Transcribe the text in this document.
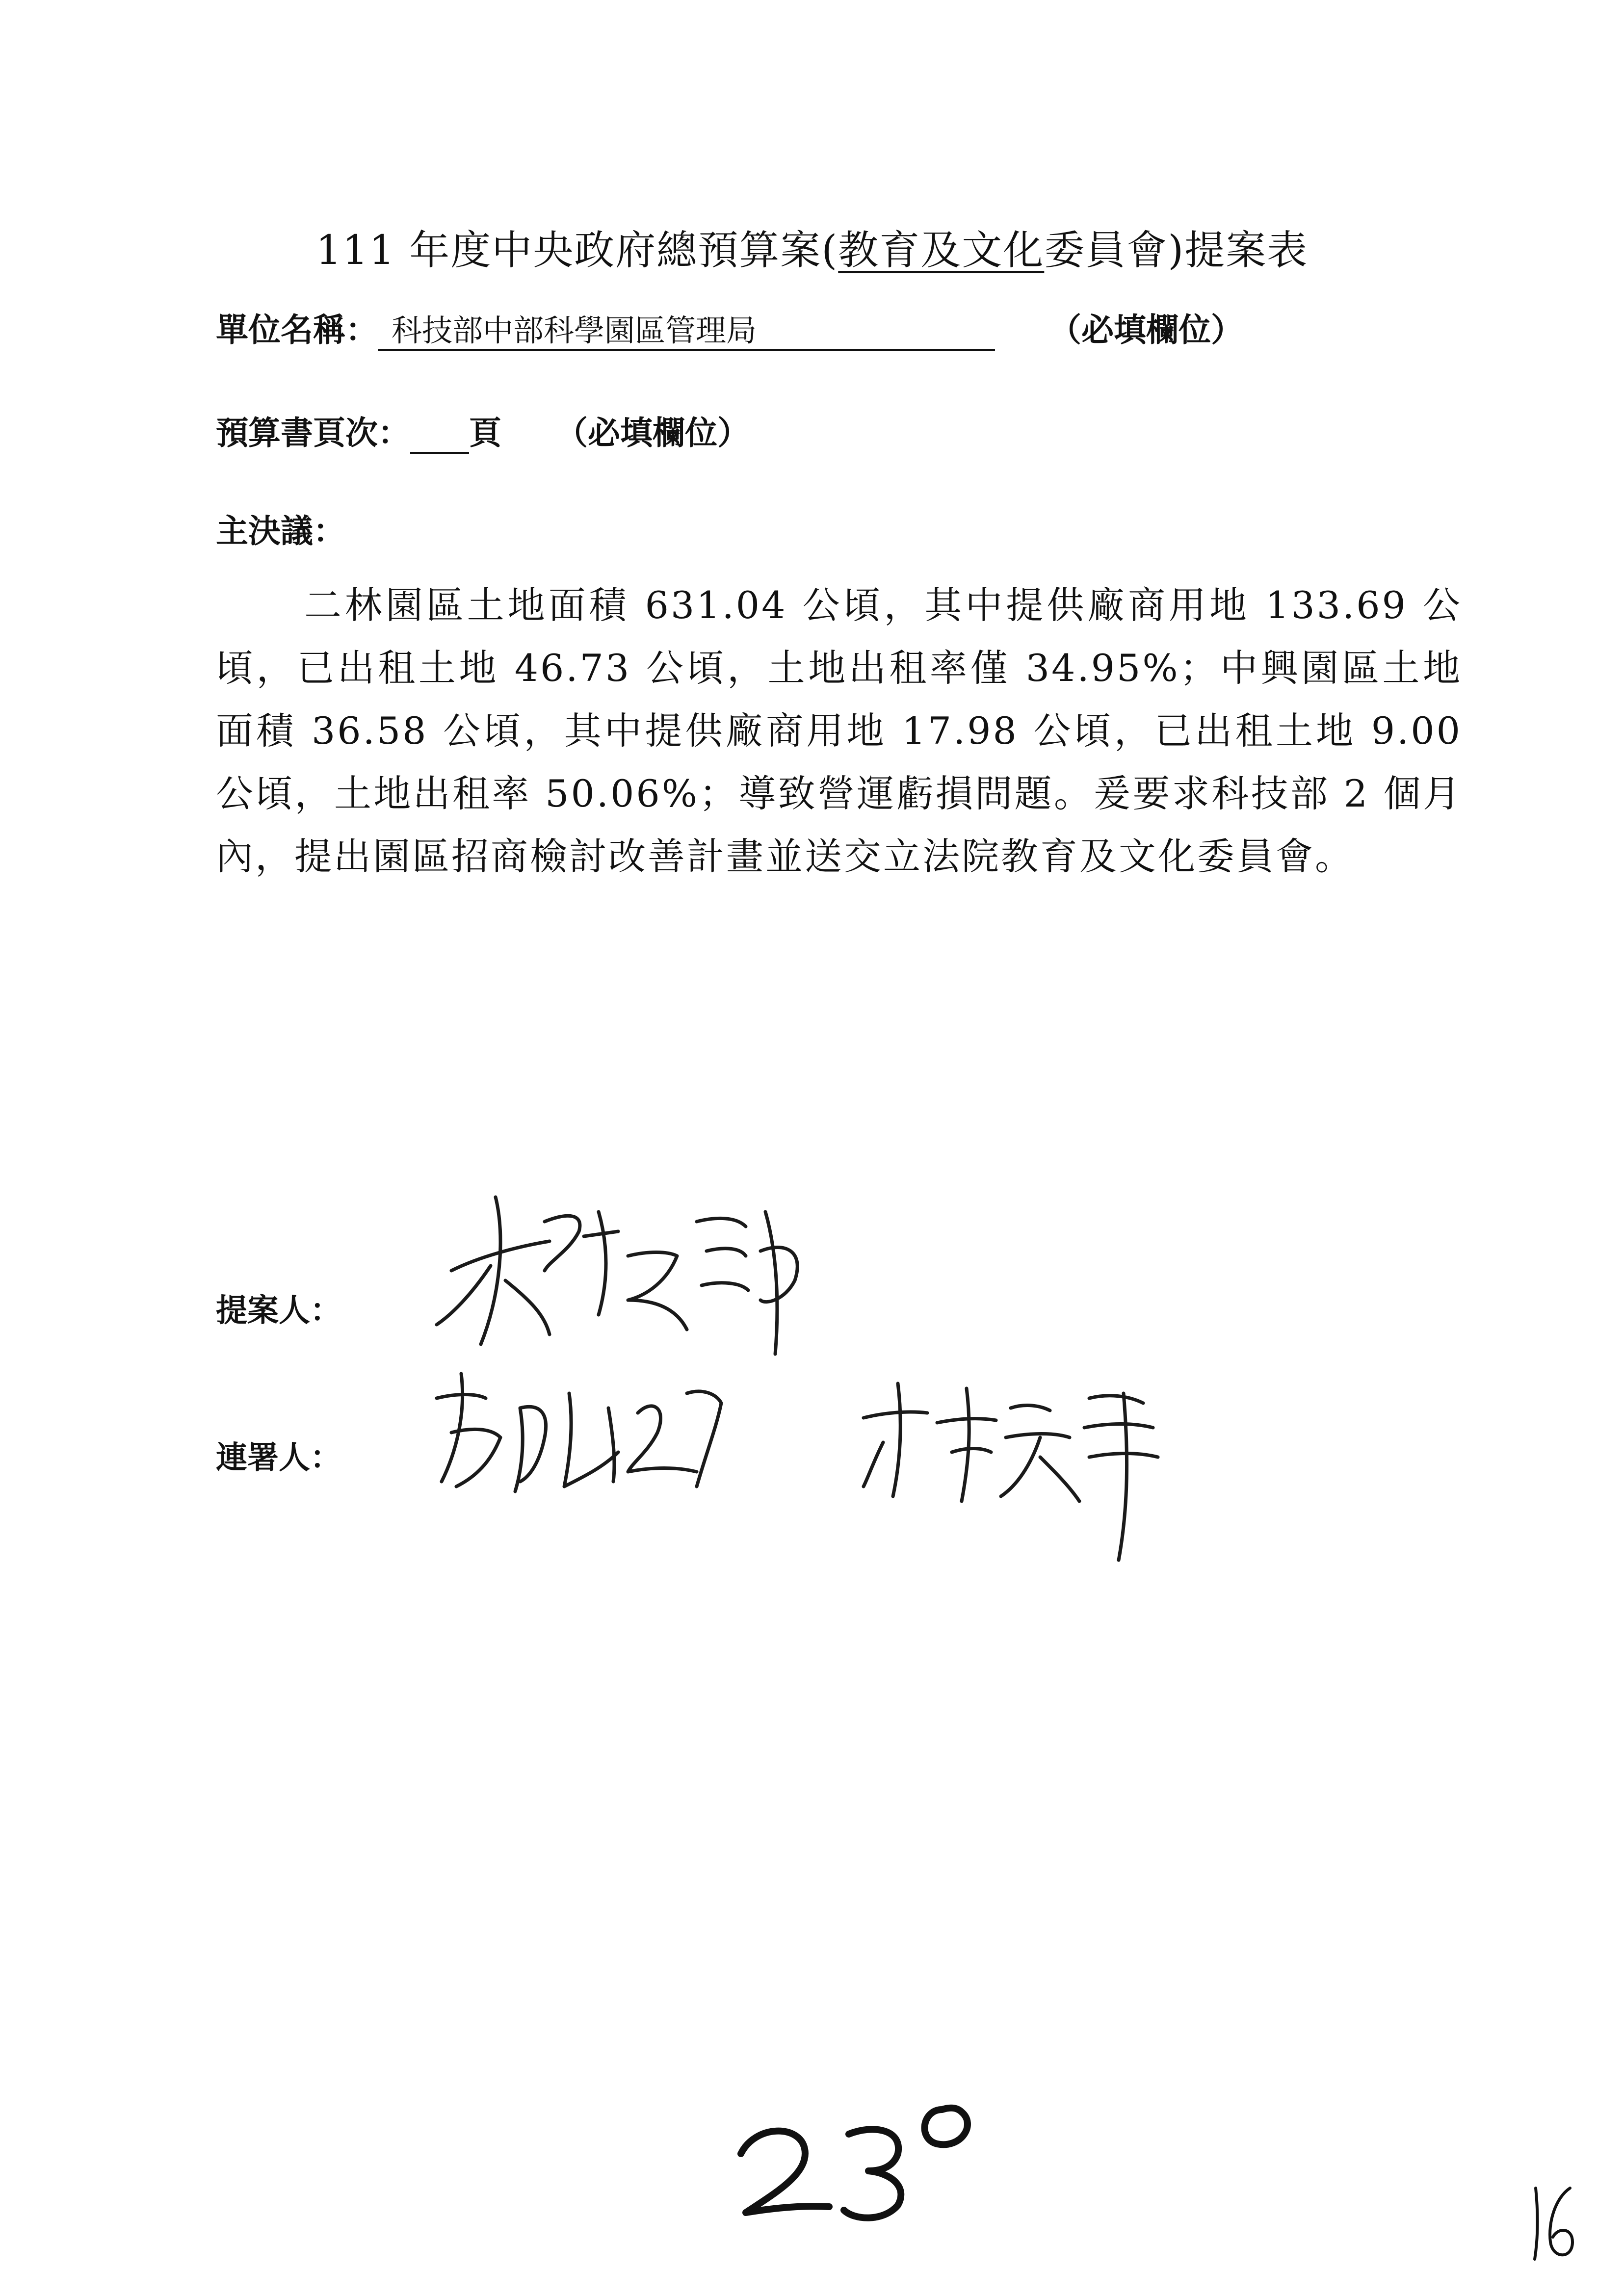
111 年度中央政府總預算案(教育及文化委員會)提案表
單位名稱： 科技部中部科學園區管理局	（必填欄位）
預算書頁次： 頁 （必填欄位）
主決議：
二林園區土地面積 631.04 公頃，其中提供廠商用地 133.69 公頃，已出租土地 46.73 公頃，土地出租率僅 34.95%；中興園區土地面積 36.58 公頃，其中提供廠商用地 17.98 公頃，已出租土地 9.00 公頃，土地出租率 50.06%；導致營運虧損問題。爰要求科技部 2 個月內，提出園區招商檢討改善計畫並送交立法院教育及文化委員會。
提案人：
連署人：
